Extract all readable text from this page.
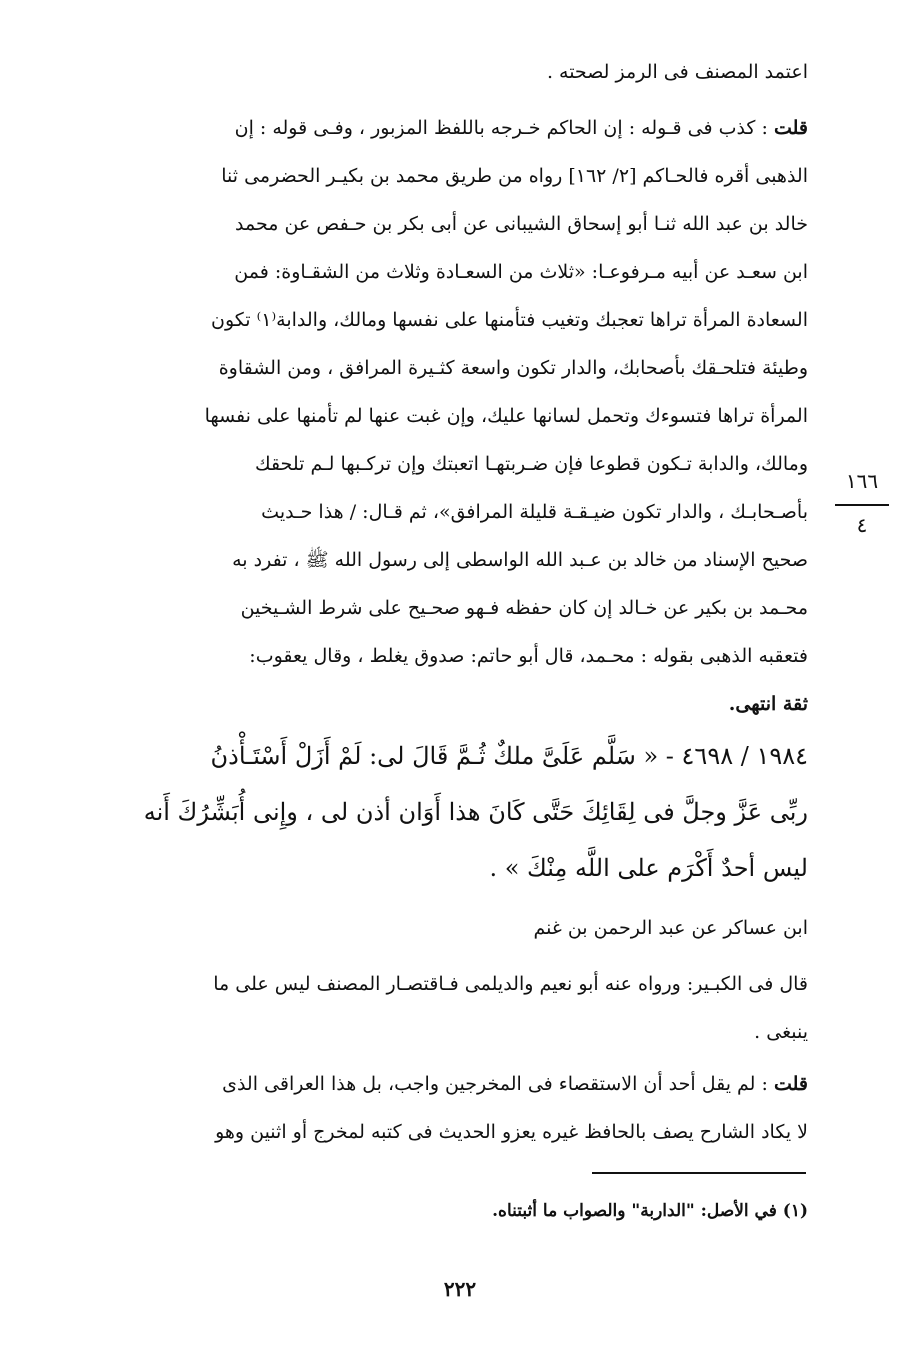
اعتمد المصنف فى الرمز لصحته .
قلت : كذب فى قـوله : إن الحاكم خـرجه باللفظ المزبور ، وفـى قوله : إن
الذهبى أقره فالحـاكم [٢/ ١٦٢] رواه من طريق محمد بن بكيـر الحضرمى ثنا
خالد بن عبد الله ثنـا أبو إسحاق الشيبانى عن أبى بكر بن حـفص عن محمد
ابن سعـد عن أبيه مـرفوعـا: «ثلاث من السعـادة وثلاث من الشقـاوة: فمن
السعادة المرأة تراها تعجبك وتغيب فتأمنها على نفسها ومالك، والدابة⁽١⁾ تكون
وطيئة فتلحـقك بأصحابك، والدار تكون واسعة كثـيرة المرافق ، ومن الشقاوة
المرأة تراها فتسوءك وتحمل لسانها عليك، وإن غبت عنها لم تأمنها على نفسها
ومالك، والدابة تـكون قطوعا فإن ضـربتهـا اتعبتك وإن تركـبها لـم تلحقك
بأصـحابـك ، والدار تكون ضيـقـة قليلة المرافق»، ثم قـال: / هذا حـديث
صحيح الإسناد من خالد بن عـبد الله الواسطى إلى رسول الله ﷺ ، تفرد به
محـمد بن بكير عن خـالد إن كان حفظه فـهو صحـيح على شرط الشـيخين
فتعقبه الذهبى بقوله : محـمد، قال أبو حاتم: صدوق يغلط ، وقال يعقوب:
ثقة انتهى.
١٩٨٤ / ٤٦٩٨ - « سَلَّم عَلَىَّ ملكٌ ثُـمَّ قَالَ لى: لَمْ أَزَلْ أَسْتَـأْذنُ
ربِّى عَزَّ وجلَّ فى لِقَائِكَ حَتَّى كَانَ هذا أَوَان أذن لى ، وإِنى أُبَشِّرُكَ أَنه
ليس أحدٌ أَكْرَم على اللَّه مِنْكَ » .
ابن عساكر عن عبد الرحمن بن غنم
قال فى الكبـير: ورواه عنه أبو نعيم والديلمى فـاقتصـار المصنف ليس على ما
ينبغى .
قلت : لم يقل أحد أن الاستقصاء فى المخرجين واجب، بل هذا العراقى الذى
لا يكاد الشارح يصف بالحافظ غيره يعزو الحديث فى كتبه لمخرج أو اثنين وهو
(١) في الأصل: "الداربة" والصواب ما أثبتناه.
١٦٦
٤
٢٢٢
